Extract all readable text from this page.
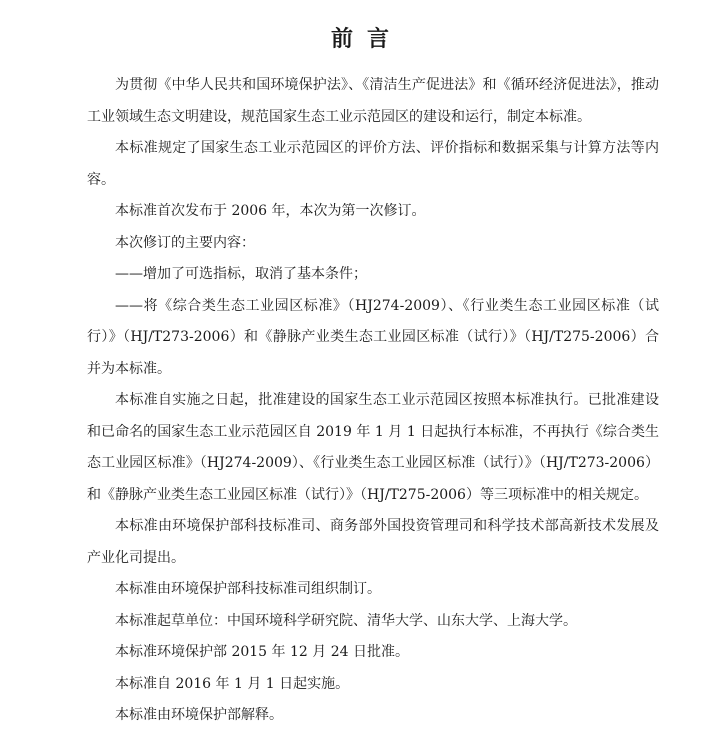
前言

为贯彻《中华人民共和国环境保护法》、《清洁生产促进法》和《循环经济促进法》，推动工业领域生态文明建设，规范国家生态工业示范园区的建设和运行，制定本标准。

本标准规定了国家生态工业示范园区的评价方法、评价指标和数据采集与计算方法等内容。

本标准首次发布于 2006 年，本次为第一次修订。

本次修订的主要内容：

——增加了可选指标，取消了基本条件；

——将《综合类生态工业园区标准》（HJ274-2009）、《行业类生态工业园区标准（试行）》（HJ/T273-2006）和《静脉产业类生态工业园区标准（试行）》（HJ/T275-2006）合并为本标准。

本标准自实施之日起，批准建设的国家生态工业示范园区按照本标准执行。已批准建设和已命名的国家生态工业示范园区自 2019 年 1 月 1 日起执行本标准，不再执行《综合类生态工业园区标准》（HJ274-2009）、《行业类生态工业园区标准（试行）》（HJ/T273-2006）和《静脉产业类生态工业园区标准（试行）》（HJ/T275-2006）等三项标准中的相关规定。

本标准由环境保护部科技标准司、商务部外国投资管理司和科学技术部高新技术发展及产业化司提出。

本标准由环境保护部科技标准司组织制订。

本标准起草单位：中国环境科学研究院、清华大学、山东大学、上海大学。

本标准环境保护部 2015 年 12 月 24 日批准。

本标准自 2016 年 1 月 1 日起实施。

本标准由环境保护部解释。
